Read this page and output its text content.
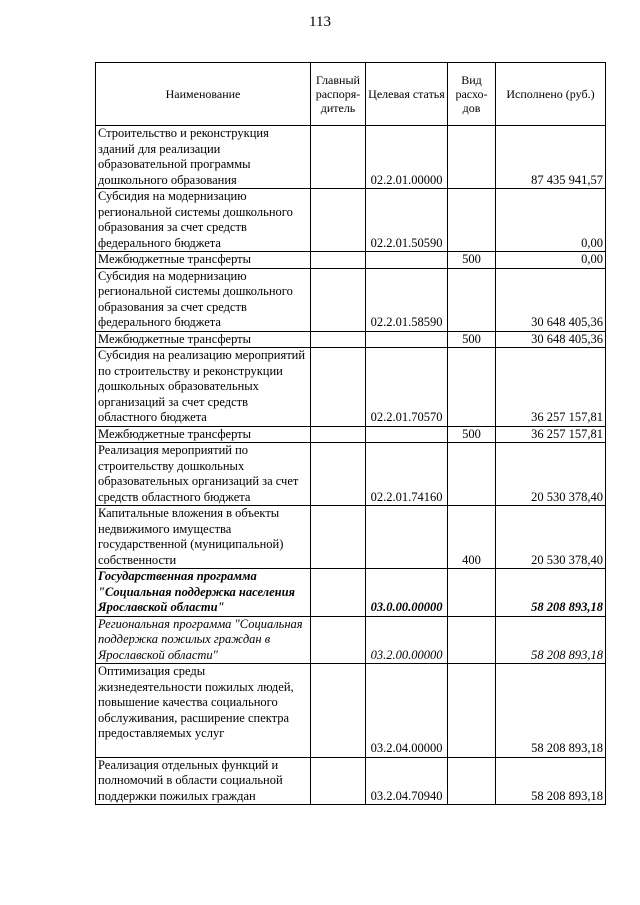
113
Наименование	Главный распоря-дитель	Целевая статья	Вид расхо-дов	Исполнено (руб.)
Строительство и реконструкция зданий для реализации образовательной программы дошкольного образования		02.2.01.00000		87 435 941,57
Субсидия на модернизацию региональной системы дошкольного образования за счет средств федерального бюджета		02.2.01.50590		0,00
Межбюджетные трансферты			500	0,00
Субсидия на модернизацию региональной системы дошкольного образования за счет средств федерального бюджета		02.2.01.58590		30 648 405,36
Межбюджетные трансферты			500	30 648 405,36
Субсидия на реализацию мероприятий по строительству и реконструкции дошкольных образовательных организаций за счет средств областного бюджета		02.2.01.70570		36 257 157,81
Межбюджетные трансферты			500	36 257 157,81
Реализация мероприятий по строительству дошкольных образовательных организаций за счет средств областного бюджета		02.2.01.74160		20 530 378,40
Капитальные вложения в объекты недвижимого имущества государственной (муниципальной) собственности			400	20 530 378,40
Государственная программа "Социальная поддержка населения Ярославской области"		03.0.00.00000		58 208 893,18
Региональная программа "Социальная поддержка пожилых граждан в Ярославской области"		03.2.00.00000		58 208 893,18
Оптимизация среды жизнедеятельности пожилых людей, повышение качества социального обслуживания, расширение спектра предоставляемых услуг		03.2.04.00000		58 208 893,18
Реализация отдельных функций и полномочий в области социальной поддержки пожилых граждан		03.2.04.70940		58 208 893,18
